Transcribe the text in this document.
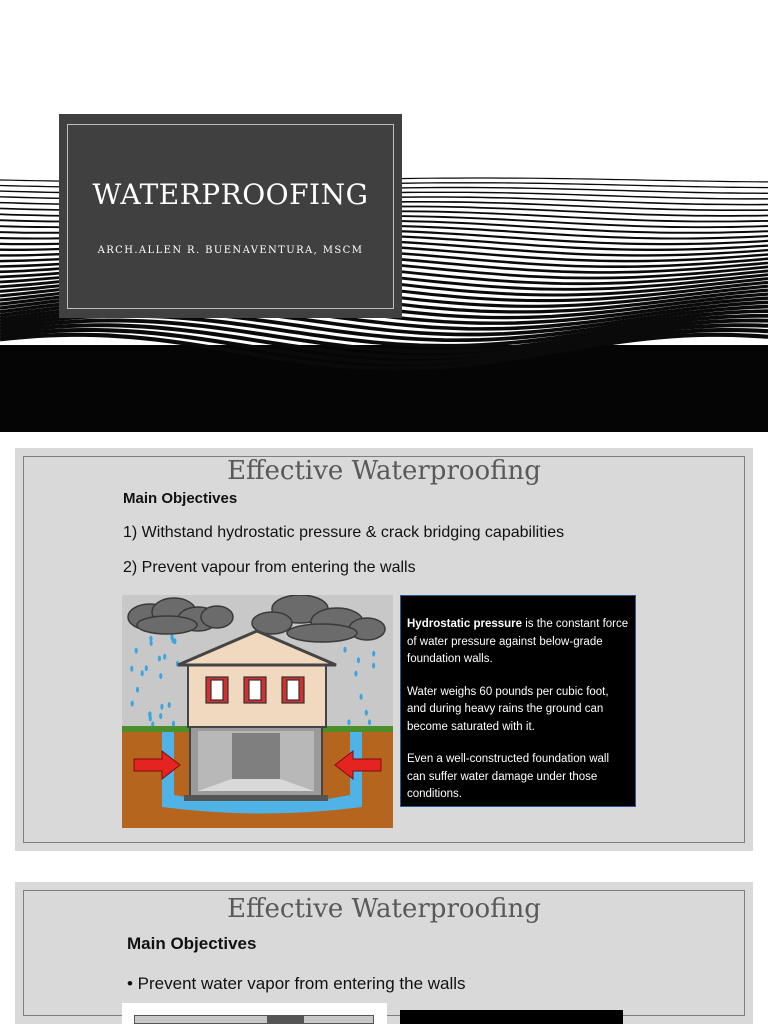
WATERPROOFING
ARCH.ALLEN R. BUENAVENTURA, MSCM
Effective Waterproofing
Main Objectives
1) Withstand hydrostatic pressure & crack bridging capabilities
2) Prevent vapour from entering the walls

Hydrostatic pressure is the constant force of water pressure against below-grade foundation walls.

Water weighs 60 pounds per cubic foot, and during heavy rains the ground can become saturated with it.

Even a well-constructed foundation wall can suffer water damage under those conditions.

Effective Waterproofing
Main Objectives
• Prevent water vapor from entering the walls
